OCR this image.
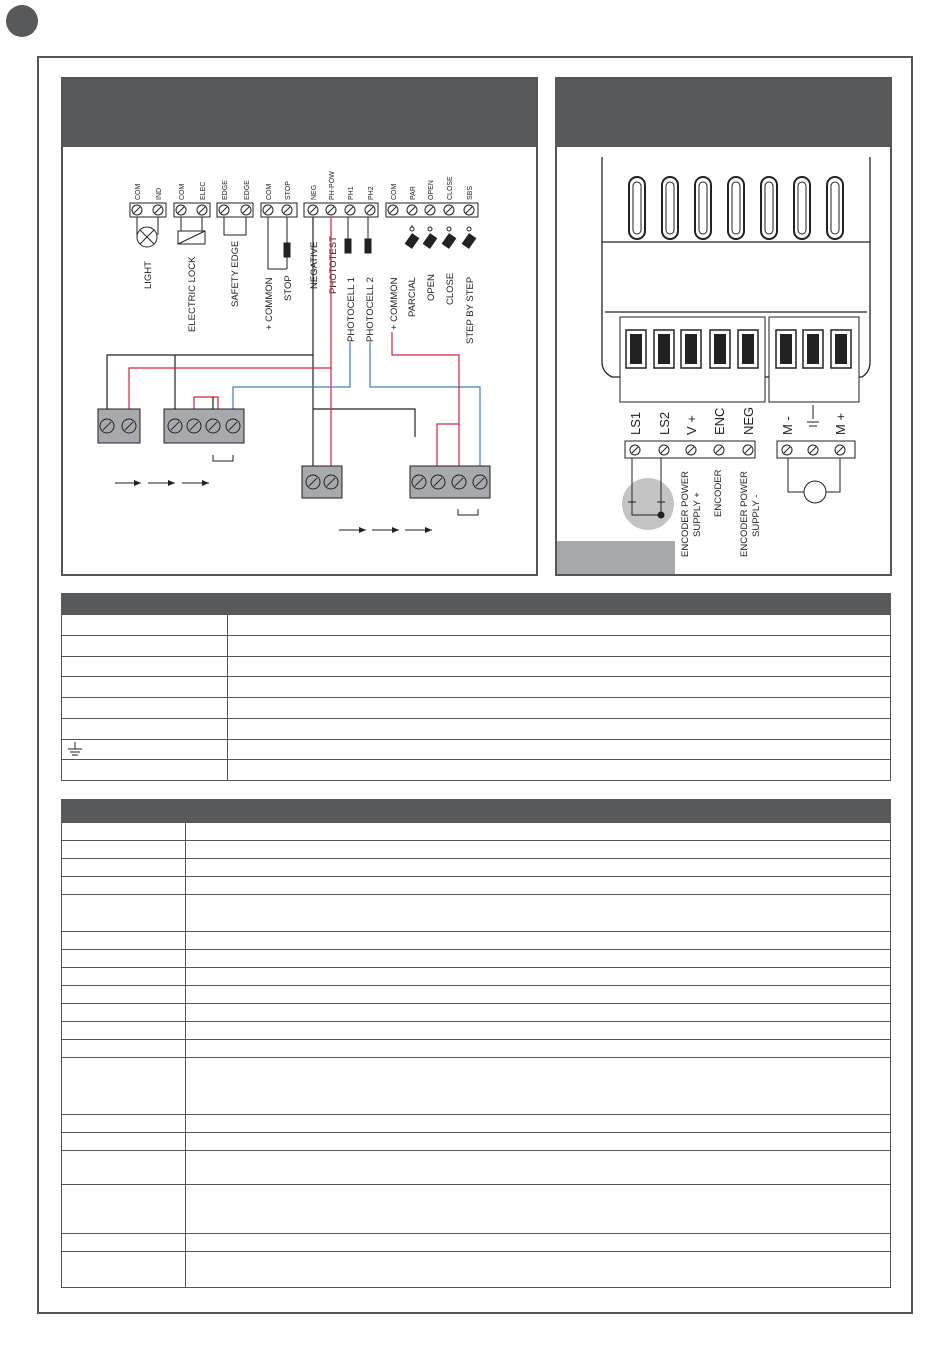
COM IND COM ELEC EDGE EDGE COM STOP	NEG PH-POW PH1 PH2 COM PAR OPEN CLOSE SBS
LIGHT	ELECTRIC LOCK	SAFETY EDGE + COMMON STOP NEGATIVE PHOTOTEST
PHOTOCELL 1 PHOTOCELL 2 + COMMON PARCIAL OPEN CLOSE STEP BY STEP
LS1 LS2 V + ENC NEG M -	M +
ENCODER POWER SUPPLY + ENCODER ENCODER POWER SUPPLY -
